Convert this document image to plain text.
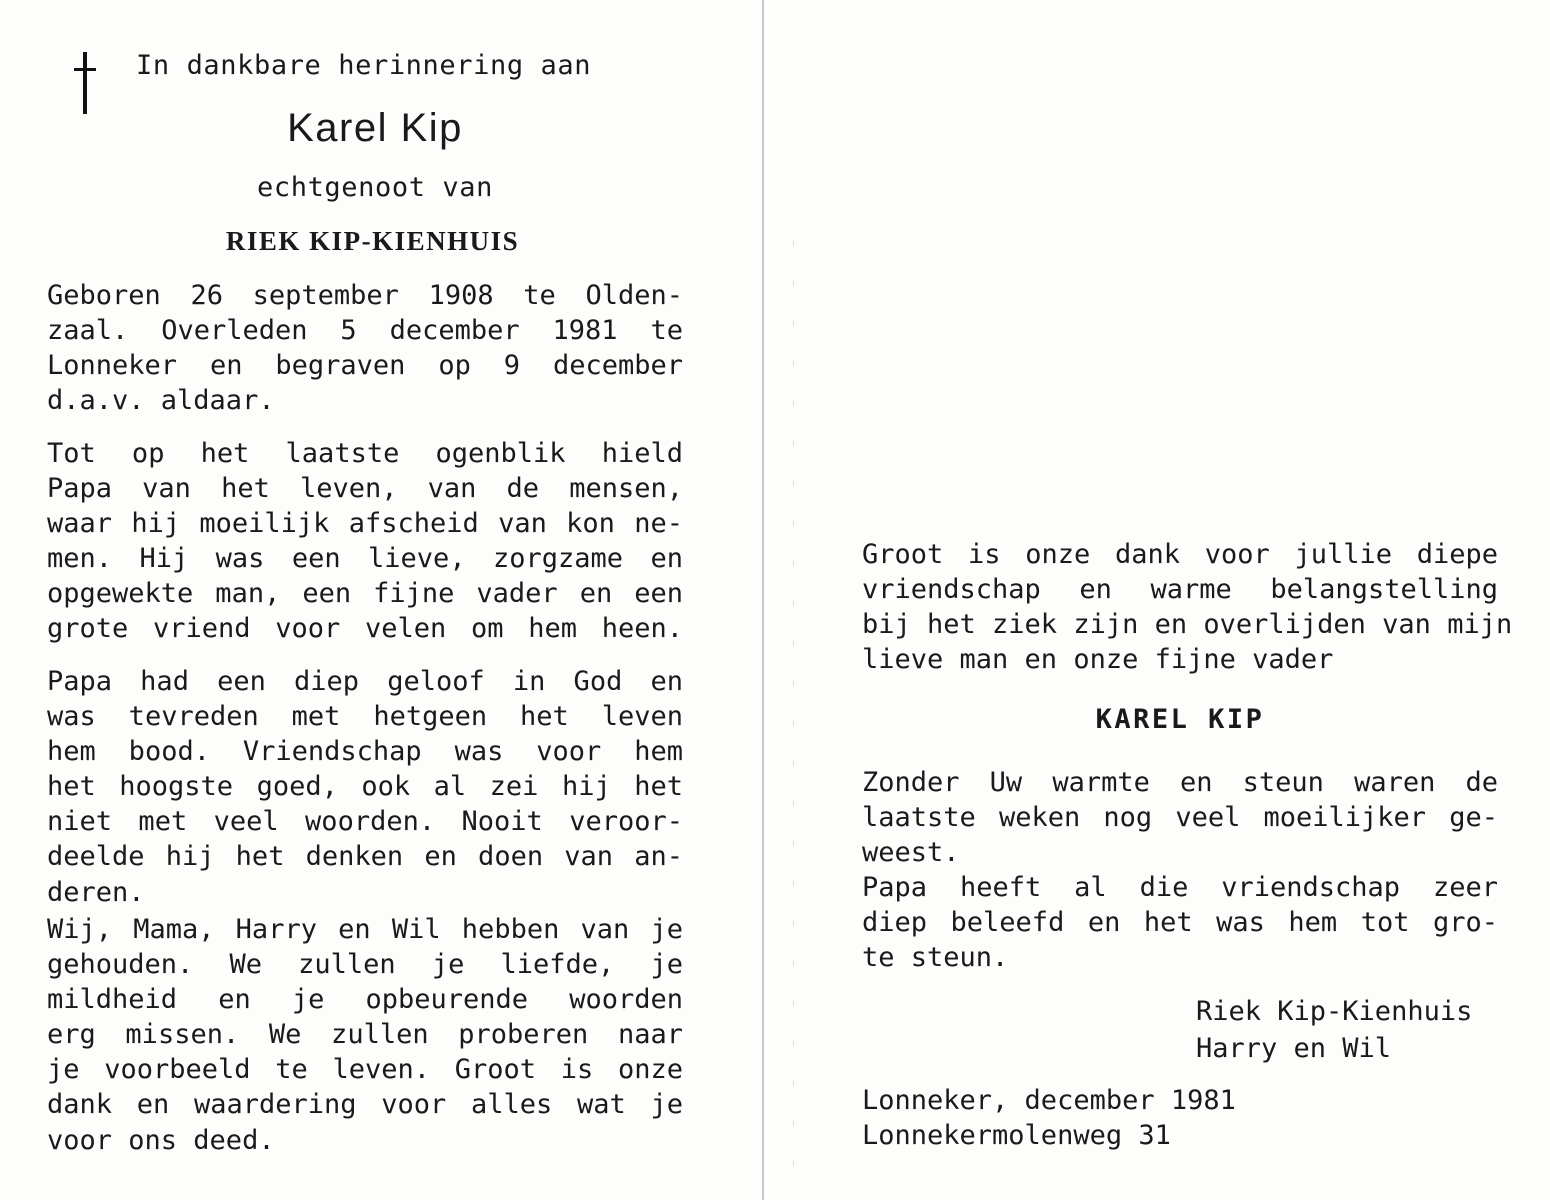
In dankbare herinnering aan
Karel Kip
echtgenoot van
RIEK KIP-KIENHUIS
Geboren 26 september 1908 te Olden-
zaal. Overleden 5 december 1981 te
Lonneker en begraven op 9 december
d.a.v. aldaar.
Tot op het laatste ogenblik hield
Papa van het leven, van de mensen,
waar hij moeilijk afscheid van kon ne-
men. Hij was een lieve, zorgzame en
opgewekte man, een fijne vader en een
grote vriend voor velen om hem heen.
Papa had een diep geloof in God en
was tevreden met hetgeen het leven
hem bood. Vriendschap was voor hem
het hoogste goed, ook al zei hij het
niet met veel woorden. Nooit veroor-
deelde hij het denken en doen van an-
deren.
Wij, Mama, Harry en Wil hebben van je
gehouden. We zullen je liefde, je
mildheid en je opbeurende woorden
erg missen. We zullen proberen naar
je voorbeeld te leven. Groot is onze
dank en waardering voor alles wat je
voor ons deed.
Groot is onze dank voor jullie diepe
vriendschap en warme belangstelling
bij het ziek zijn en overlijden van mijn
lieve man en onze fijne vader
KAREL KIP
Zonder Uw warmte en steun waren de
laatste weken nog veel moeilijker ge-
weest.
Papa heeft al die vriendschap zeer
diep beleefd en het was hem tot gro-
te steun.
Riek Kip-Kienhuis
Harry en Wil
Lonneker, december 1981
Lonnekermolenweg 31
